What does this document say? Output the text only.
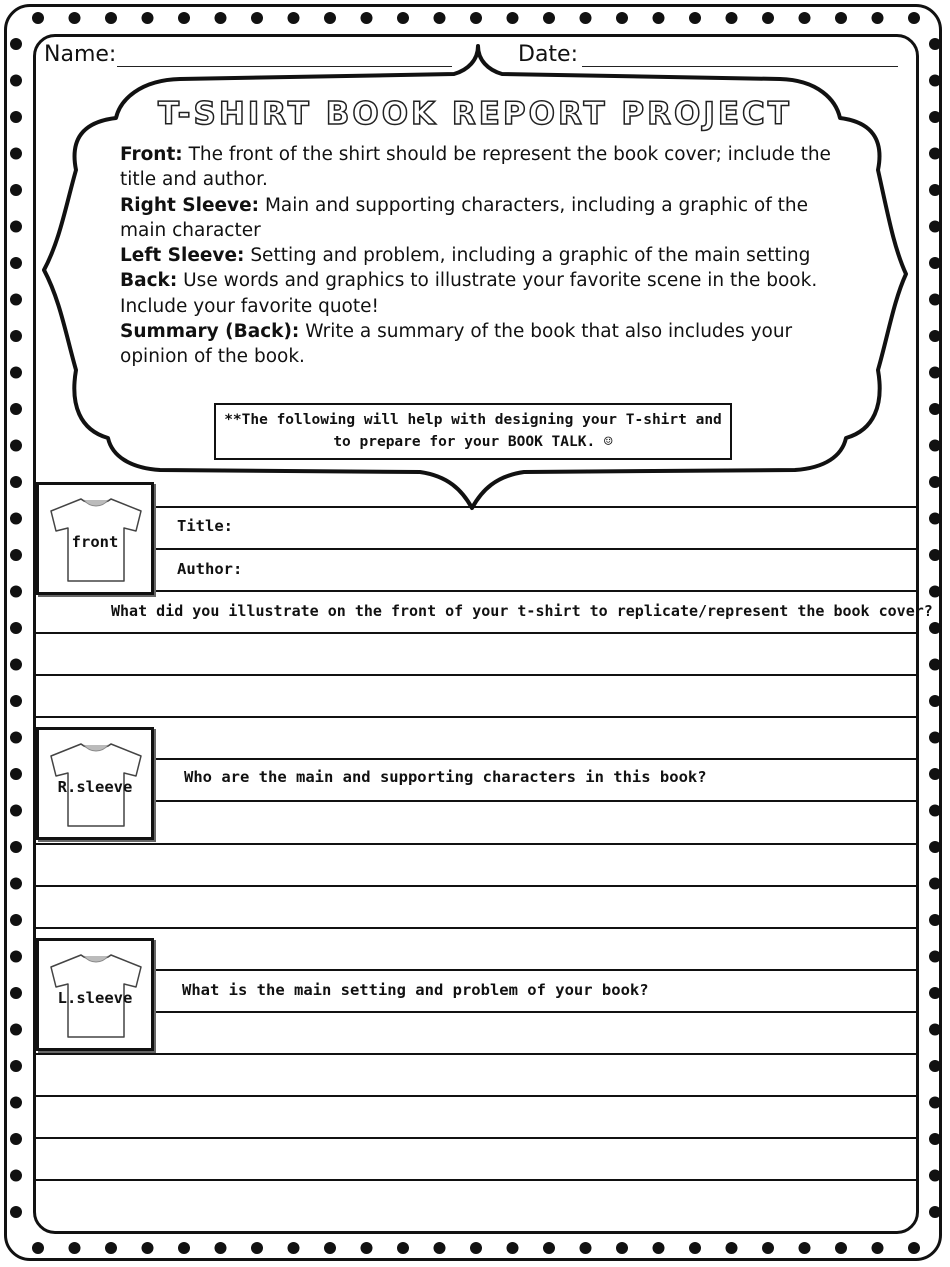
Name:	Date:
T-SHIRT BOOK REPORT PROJECT

Front: The front of the shirt should be represent the book cover; include the title and author.

Right Sleeve: Main and supporting characters, including a graphic of the main character

Left Sleeve: Setting and problem, including a graphic of the main setting

Back: Use words and graphics to illustrate your favorite scene in the book. Include your favorite quote!

Summary (Back): Write a summary of the book that also includes your opinion of the book.

**The following will help with designing your T-shirt and
to prepare for your BOOK TALK. ☺
front
Title:
Author:
What did you illustrate on the front of your t-shirt to replicate/represent the book cover?
R.sleeve
Who are the main and supporting characters in this book?
L.sleeve	What is the main setting and problem of your book?
